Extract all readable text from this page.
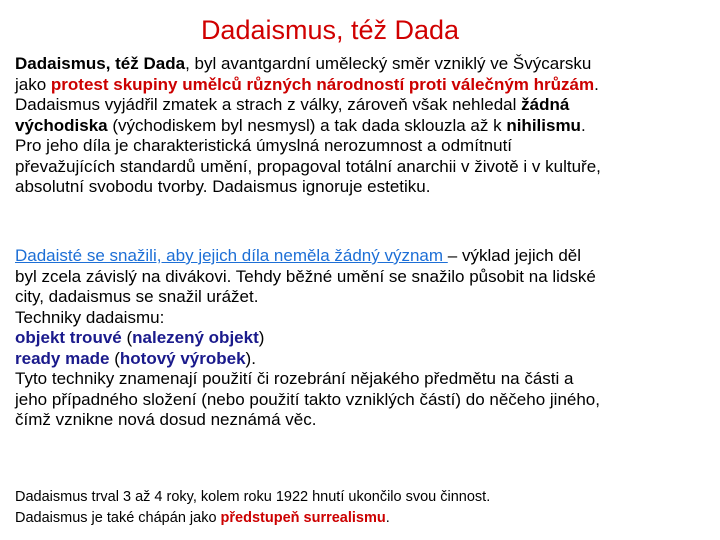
Dadaismus, též Dada

Dadaismus, též Dada, byl avantgardní umělecký směr vzniklý ve Švýcarsku
jako protest skupiny umělců různých národností proti válečným hrůzám.
Dadaismus vyjádřil zmatek a strach z války, zároveň však nehledal žádná
východiska (východiskem byl nesmysl) a tak dada sklouzla až k nihilismu.
Pro jeho díla je charakteristická úmyslná nerozumnost a odmítnutí
převažujících standardů umění, propagoval totální anarchii v životě i v kultuře,
absolutní svobodu tvorby. Dadaismus ignoruje estetiku.

Dadaisté se snažili, aby jejich díla neměla žádný význam – výklad jejich děl
byl zcela závislý na divákovi. Tehdy běžné umění se snažilo působit na lidské
city, dadaismus se snažil urážet.
Techniky dadaismu:
objekt trouvé (nalezený objekt)
ready made (hotový výrobek).
Tyto techniky znamenají použití či rozebrání nějakého předmětu na části a
jeho případného složení (nebo použití takto vzniklých částí) do něčeho jiného,
čímž vznikne nová dosud neznámá věc.

Dadaismus trval 3 až 4 roky, kolem roku 1922 hnutí ukončilo svou činnost.
Dadaismus je také chápán jako předstupeň surrealismu.
